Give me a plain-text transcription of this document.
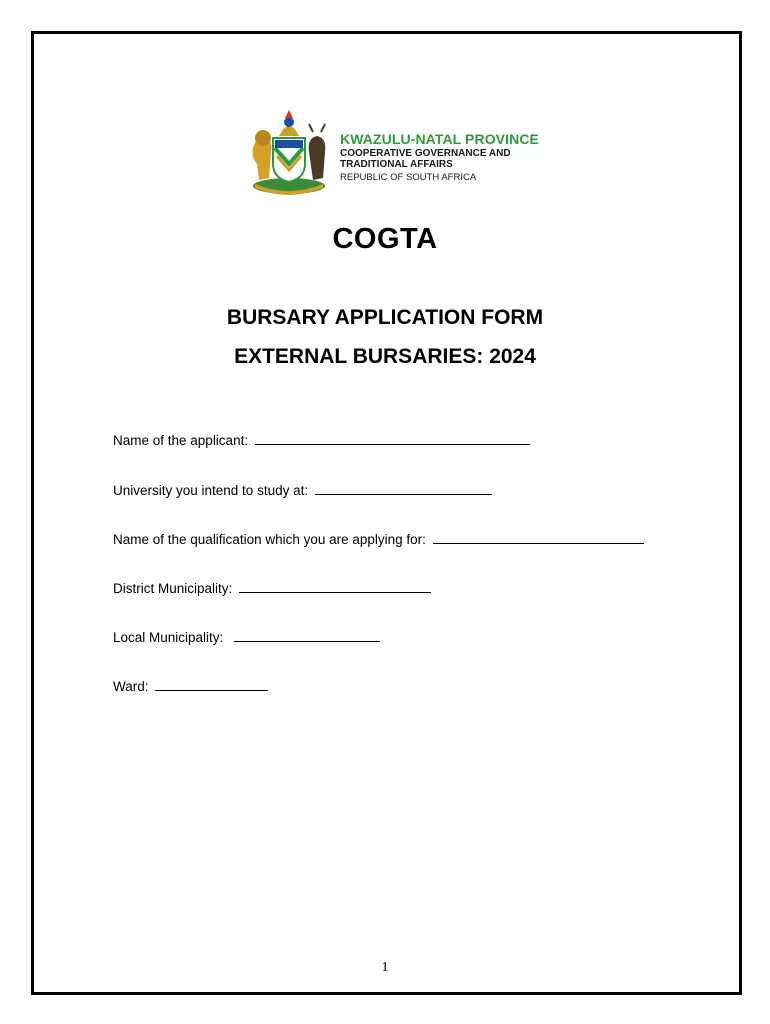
KWAZULU-NATAL PROVINCE
COOPERATIVE GOVERNANCE AND
TRADITIONAL AFFAIRS
REPUBLIC OF SOUTH AFRICA
COGTA
BURSARY APPLICATION FORM
EXTERNAL BURSARIES: 2024
Name of the applicant:
University you intend to study at:
Name of the qualification which you are applying for:
District Municipality:
Local Municipality:
Ward:
1
